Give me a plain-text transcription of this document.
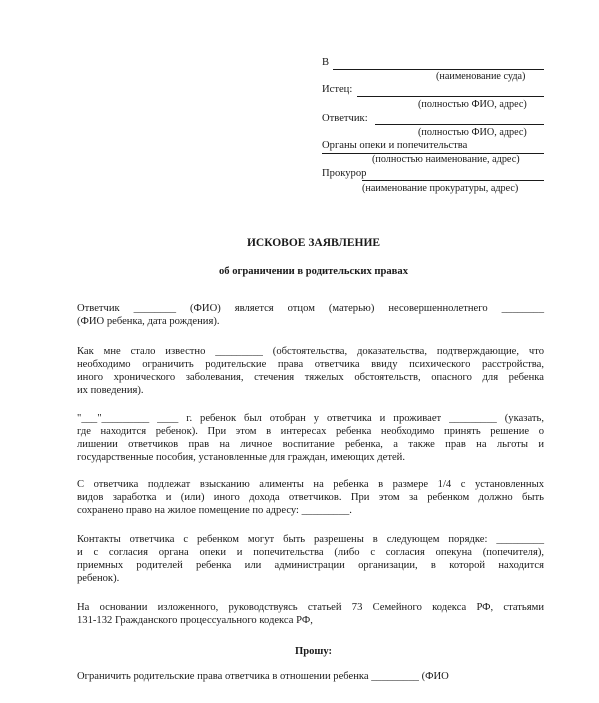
В
(наименование суда)
Истец:
(полностью ФИО, адрес)
Ответчик:
(полностью ФИО, адрес)
Органы опеки и попечительства
(полностью наименование, адрес)
Прокурор
(наименование прокуратуры, адрес)
ИСКОВОЕ ЗАЯВЛЕНИЕ
об ограничении в родительских правах
Ответчик ________ (ФИО) является отцом (матерью) несовершеннолетнего ________
(ФИО ребенка, дата рождения).
Как мне стало известно _________ (обстоятельства, доказательства, подтверждающие, что
необходимо ограничить родительские права ответчика ввиду психического расстройства,
иного хронического заболевания, стечения тяжелых обстоятельств, опасного для ребенка
их поведения).
"___"_________ ____ г. ребенок был отобран у ответчика и проживает _________ (указать,
где находится ребенок). При этом в интересах ребенка необходимо принять решение о
лишении ответчиков прав на личное воспитание ребенка, а также прав на льготы и
государственные пособия, установленные для граждан, имеющих детей.
С ответчика подлежат взысканию алименты на ребенка в размере 1/4 с установленных
видов заработка и (или) иного дохода ответчиков. При этом за ребенком должно быть
сохранено право на жилое помещение по адресу: _________.
Контакты ответчика с ребенком могут быть разрешены в следующем порядке: _________
и с согласия органа опеки и попечительства (либо с согласия опекуна (попечителя),
приемных родителей ребенка или администрации организации, в которой находится
ребенок).
На основании изложенного, руководствуясь статьей 73 Семейного кодекса РФ, статьями
131-132 Гражданского процессуального кодекса РФ,
Прошу:
Ограничить родительские права ответчика в отношении ребенка _________ (ФИО
